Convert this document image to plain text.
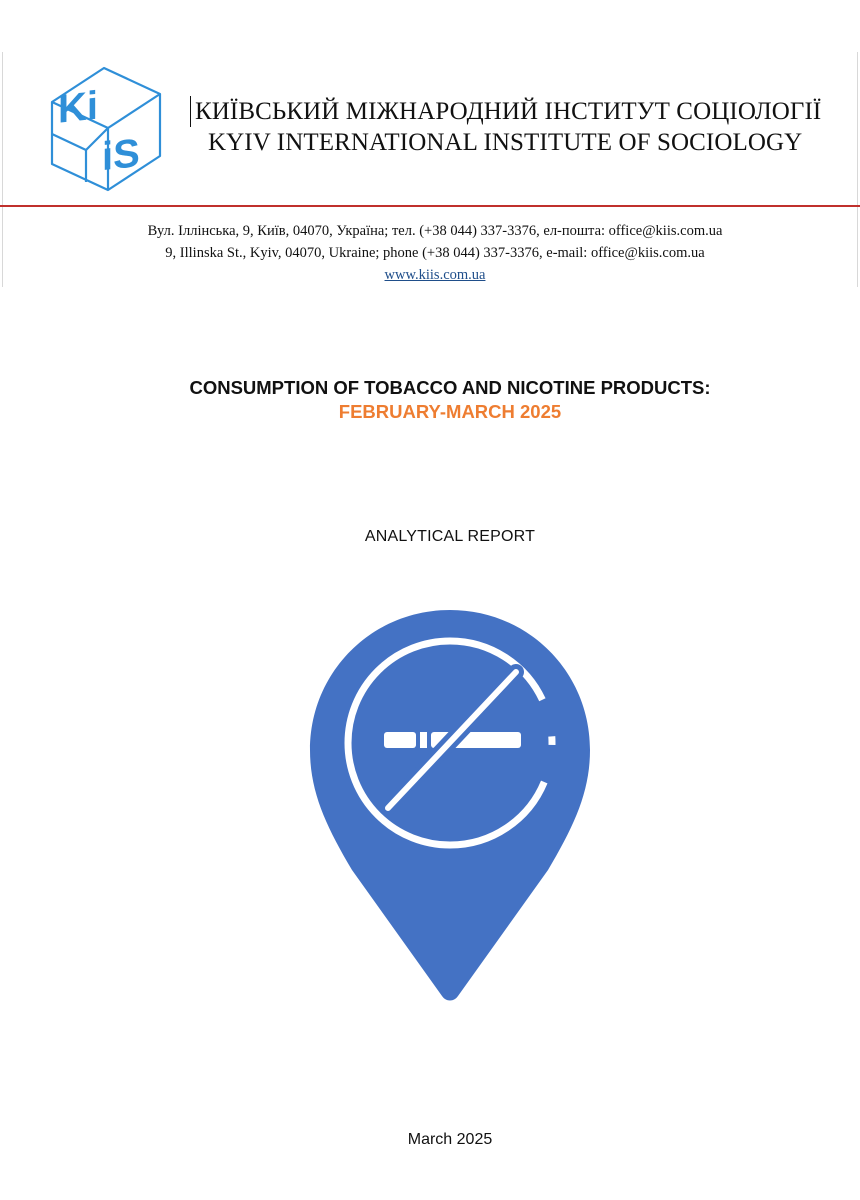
Ki
iS
КИЇВСЬКИЙ МІЖНАРОДНИЙ ІНСТИТУТ СОЦІОЛОГІЇ
KYIV INTERNATIONAL INSTITUTE OF SOCIOLOGY
Вул. Іллінська, 9, Київ, 04070, Україна; тел. (+38 044) 337-3376, ел-пошта: office@kiis.com.ua
9, Illinska St., Kyiv, 04070, Ukraine; phone (+38 044) 337-3376, e-mail: office@kiis.com.ua
www.kiis.com.ua
CONSUMPTION OF TOBACCO AND NICOTINE PRODUCTS:
FEBRUARY-MARCH 2025
ANALYTICAL REPORT
March 2025
